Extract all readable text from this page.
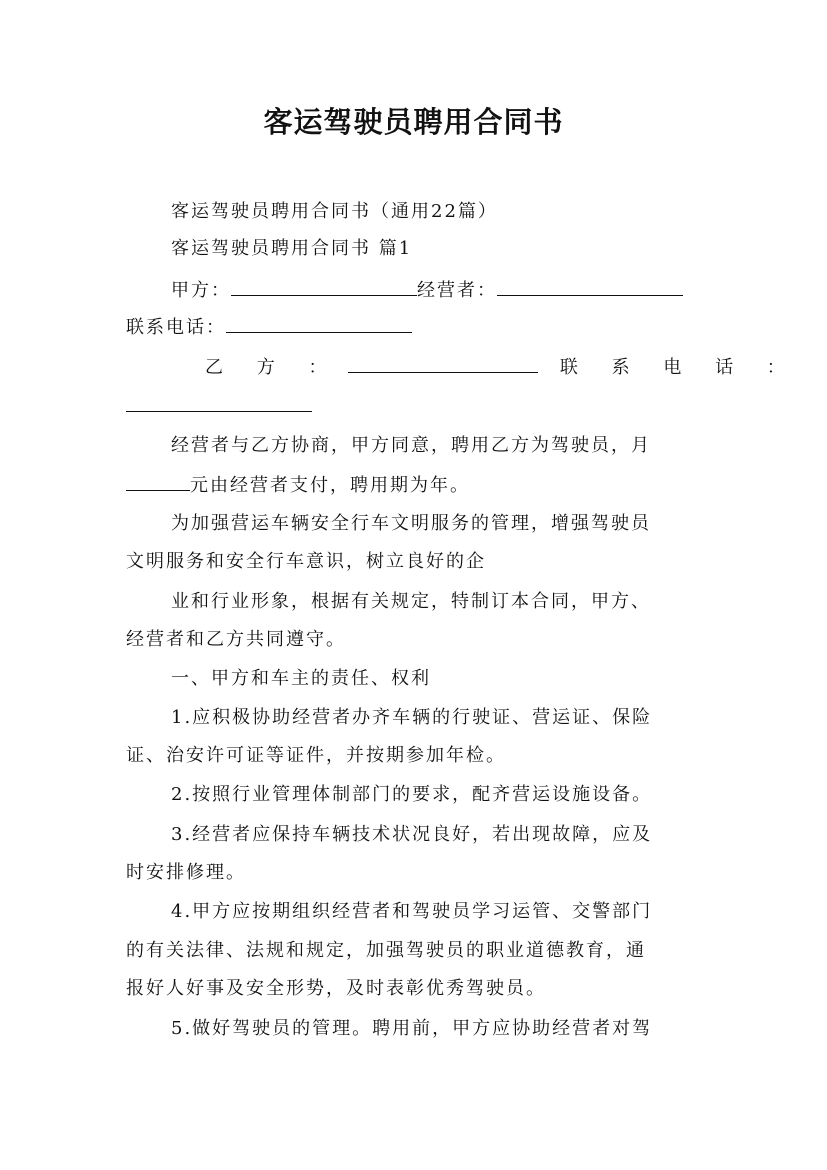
客运驾驶员聘用合同书
客运驾驶员聘用合同书（通用22篇）
客运驾驶员聘用合同书 篇1
甲方：	经营者：
联系电话：
乙 方 ：	联 系 电 话 ：
经营者与乙方协商，甲方同意，聘用乙方为驾驶员，月
元由经营者支付，聘用期为年。
为加强营运车辆安全行车文明服务的管理，增强驾驶员
文明服务和安全行车意识，树立良好的企
业和行业形象，根据有关规定，特制订本合同，甲方、
经营者和乙方共同遵守。
一、甲方和车主的责任、权利
1.应积极协助经营者办齐车辆的行驶证、营运证、保险
证、治安许可证等证件，并按期参加年检。
2.按照行业管理体制部门的要求，配齐营运设施设备。
3.经营者应保持车辆技术状况良好，若出现故障，应及
时安排修理。
4.甲方应按期组织经营者和驾驶员学习运管、交警部门
的有关法律、法规和规定，加强驾驶员的职业道德教育，通
报好人好事及安全形势，及时表彰优秀驾驶员。
5.做好驾驶员的管理。聘用前，甲方应协助经营者对驾
